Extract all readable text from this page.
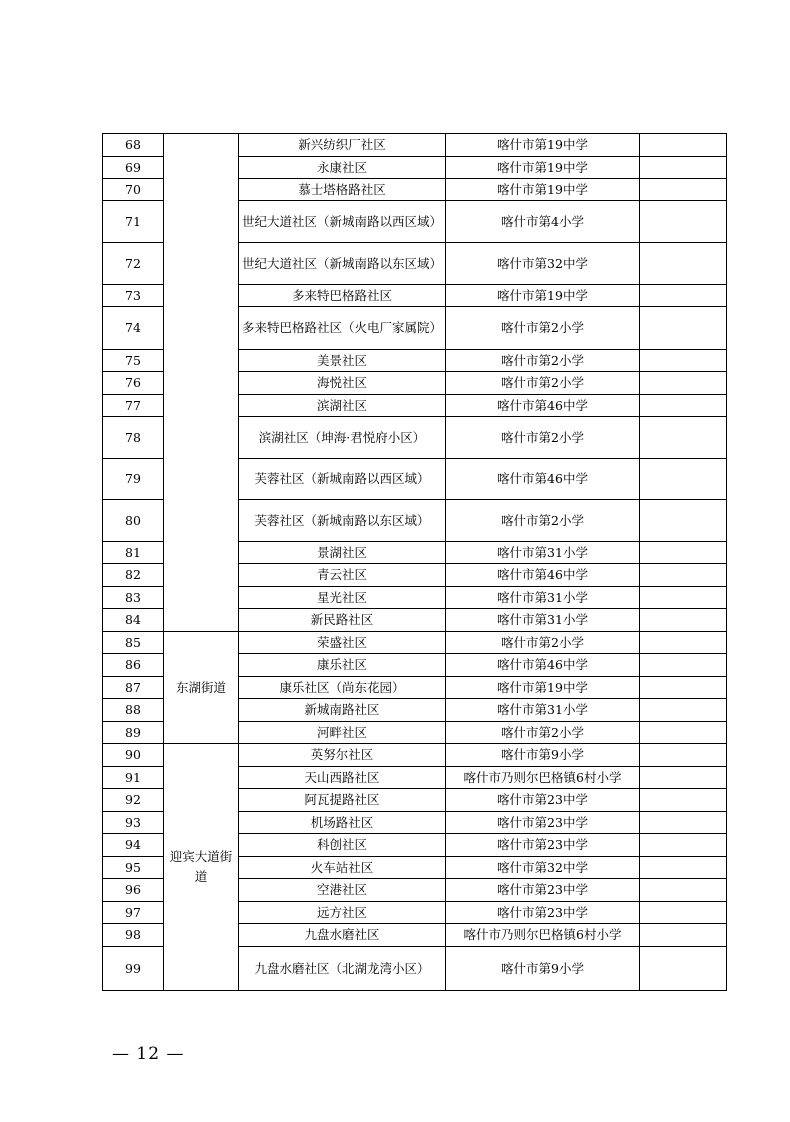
68		新兴纺织厂社区	喀什市第19中学	
69		永康社区	喀什市第19中学	
70		慕士塔格路社区	喀什市第19中学	
71		世纪大道社区（新城南路以西区域）	喀什市第4小学	
72		世纪大道社区（新城南路以东区域）	喀什市第32中学	
73		多来特巴格路社区	喀什市第19中学	
74		多来特巴格路社区（火电厂家属院）	喀什市第2小学	
75		美景社区	喀什市第2小学	
76		海悦社区	喀什市第2小学	
77		滨湖社区	喀什市第46中学	
78		滨湖社区（坤海·君悦府小区）	喀什市第2小学	
79		芙蓉社区（新城南路以西区域）	喀什市第46中学	
80		芙蓉社区（新城南路以东区域）	喀什市第2小学	
81		景湖社区	喀什市第31小学	
82		青云社区	喀什市第46中学	
83		星光社区	喀什市第31小学	
84		新民路社区	喀什市第31小学	
85	东湖街道	荣盛社区	喀什市第2小学	
86		康乐社区	喀什市第46中学	
87		康乐社区（尚东花园）	喀什市第19中学	
88		新城南路社区	喀什市第31小学	
89		河畔社区	喀什市第2小学	
90	迎宾大道街道	英努尔社区	喀什市第9小学	
91		天山西路社区	喀什市乃则尔巴格镇6村小学	
92		阿瓦提路社区	喀什市第23中学	
93		机场路社区	喀什市第23中学	
94		科创社区	喀什市第23中学	
95		火车站社区	喀什市第32中学	
96		空港社区	喀什市第23中学	
97		远方社区	喀什市第23中学	
98		九盘水磨社区	喀什市乃则尔巴格镇6村小学	
99		九盘水磨社区（北湖龙湾小区）	喀什市第9小学	
— 12 —
